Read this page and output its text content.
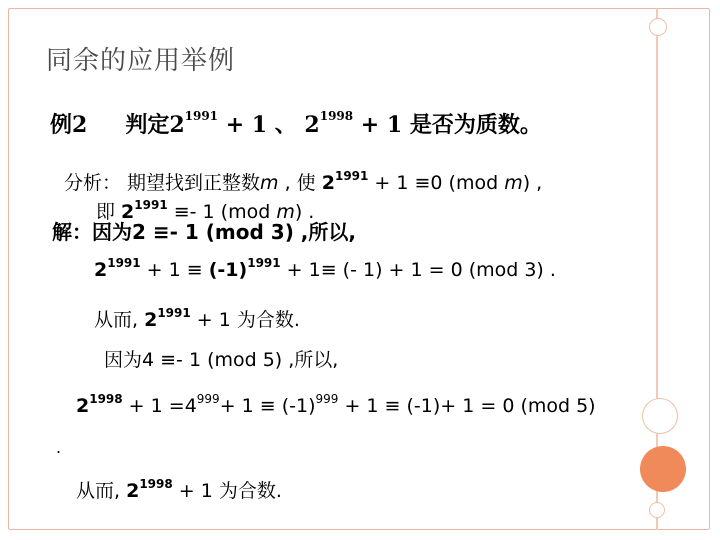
同余的应用举例
例2 判定$2^{1991} + 1$ 、 $2^{1998} + 1$ 是否为质数。
分析： 期望找到正整数m , 使 $2^{1991} + 1 \equiv 0$ (mod m) ,
即 $2^{1991} \equiv- 1$ (mod m) .
解：因为2 ≡- 1 (mod 3) ,所以,
$2^{1991} + 1 \equiv (-1)^{1991} + 1\equiv$ (- 1) + 1 = 0 (mod 3) .
从而, $2^{1991} + 1$ 为合数.
因为4 ≡- 1 (mod 5) ,所以,
$2^{1998} + 1 =4^{999}+ 1 \equiv (-1)^{999} + 1 \equiv (-1)+ 1 = 0$ (mod 5)
.
从而, $2^{1998} + 1$ 为合数.
